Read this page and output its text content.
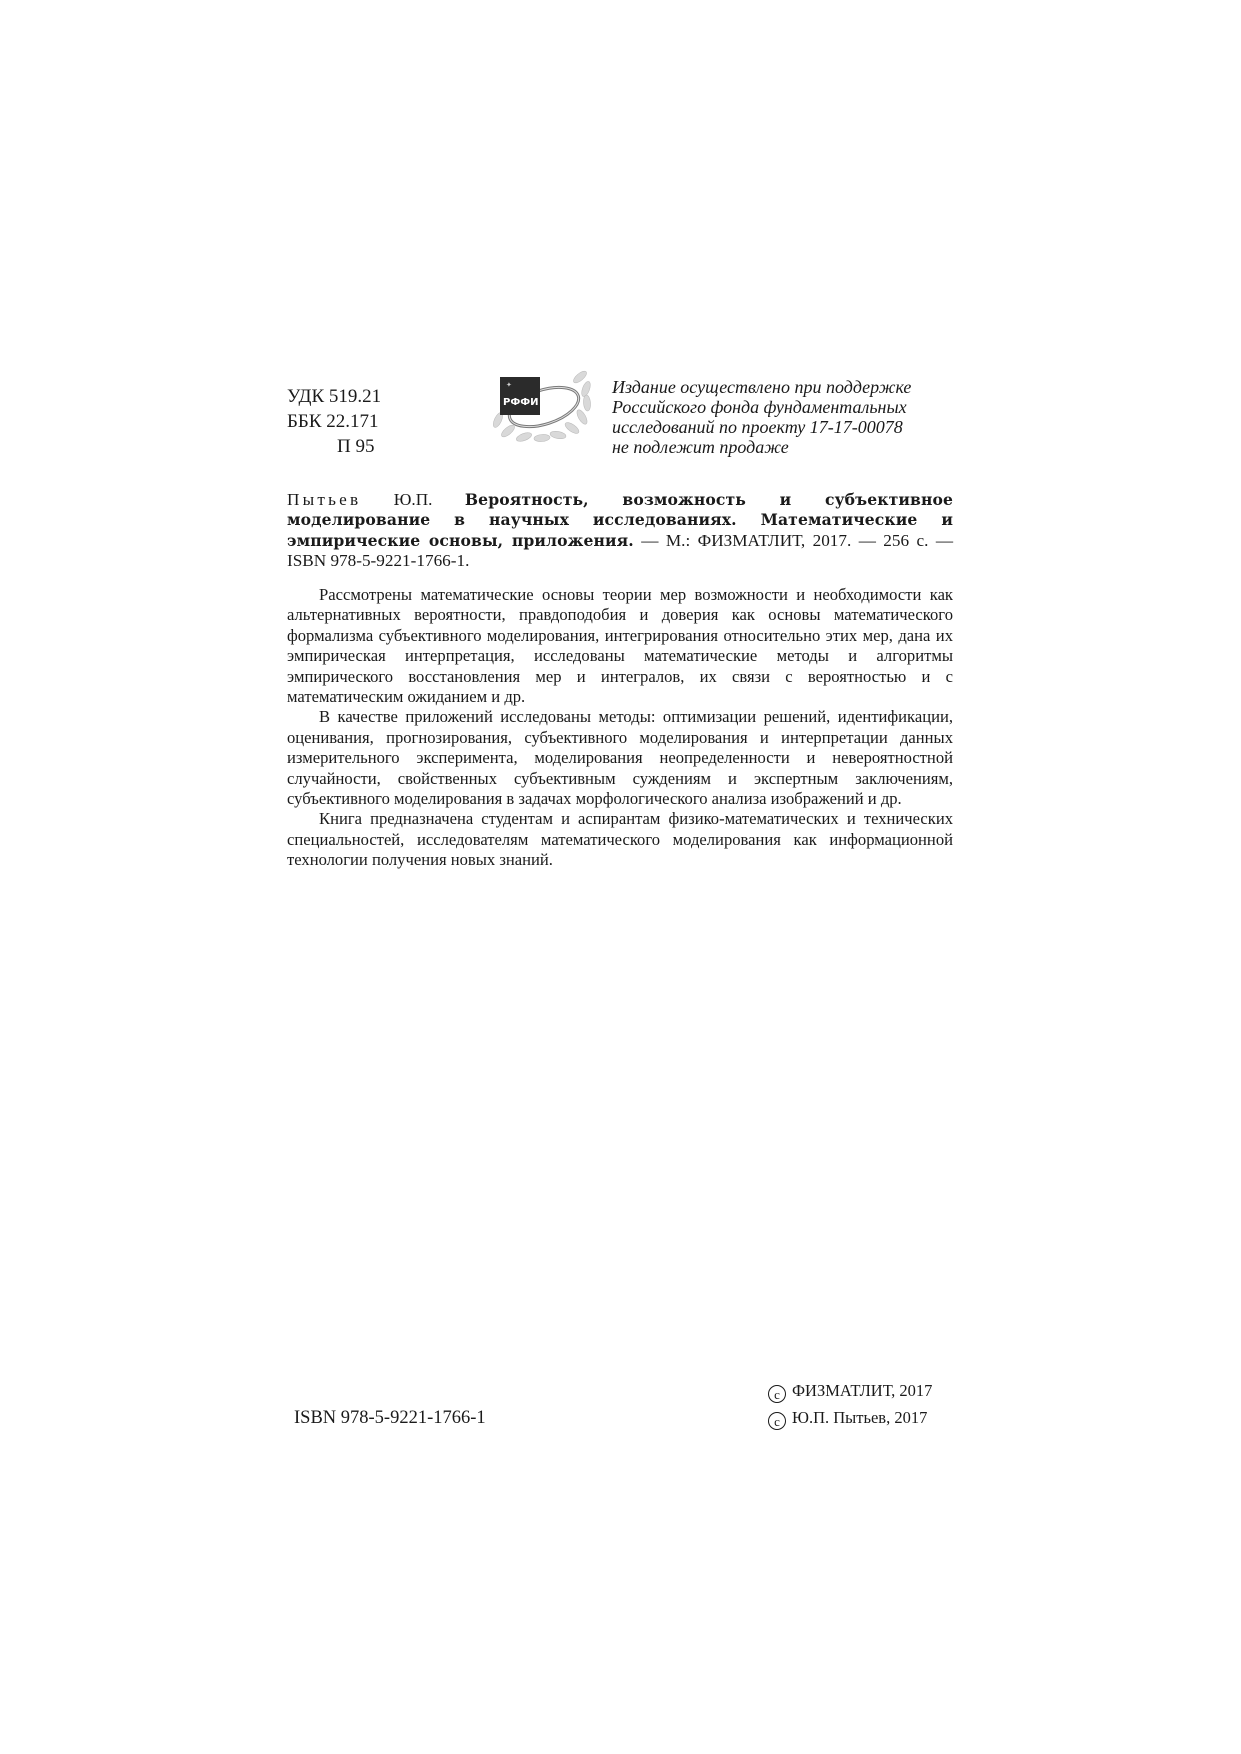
УДК 519.21
ББК 22.171
П 95
✦
РФФИ
Издание осуществлено при поддержке
Российского фонда фундаментальных
исследований по проекту 17-17-00078
не подлежит продаже
Пытьев Ю.П. Вероятность, возможность и субъективное моделирование в научных исследованиях. Математические и эмпирические основы, приложения. — М.: ФИЗМАТЛИТ, 2017. — 256 с. — ISBN 978-5-9221-1766-1.

Рассмотрены математические основы теории мер возможности и необходимости как альтернативных вероятности, правдоподобия и доверия как основы математического формализма субъективного моделирования, интегрирования относительно этих мер, дана их эмпирическая интерпретация, исследованы математические методы и алгоритмы эмпирического восстановления мер и интегралов, их связи с вероятностью и с математическим ожиданием и др.

В качестве приложений исследованы методы: оптимизации решений, идентификации, оценивания, прогнозирования, субъективного моделирования и интерпретации данных измерительного эксперимента, моделирования неопределенности и невероятностной случайности, свойственных субъективным суждениям и экспертным заключениям, субъективного моделирования в задачах морфологического анализа изображений и др.

Книга предназначена студентам и аспирантам физико-математических и технических специальностей, исследователям математического моделирования как информационной технологии получения новых знаний.

ISBN 978-5-9221-1766-1
c ФИЗМАТЛИТ, 2017
c Ю.П. Пытьев, 2017
